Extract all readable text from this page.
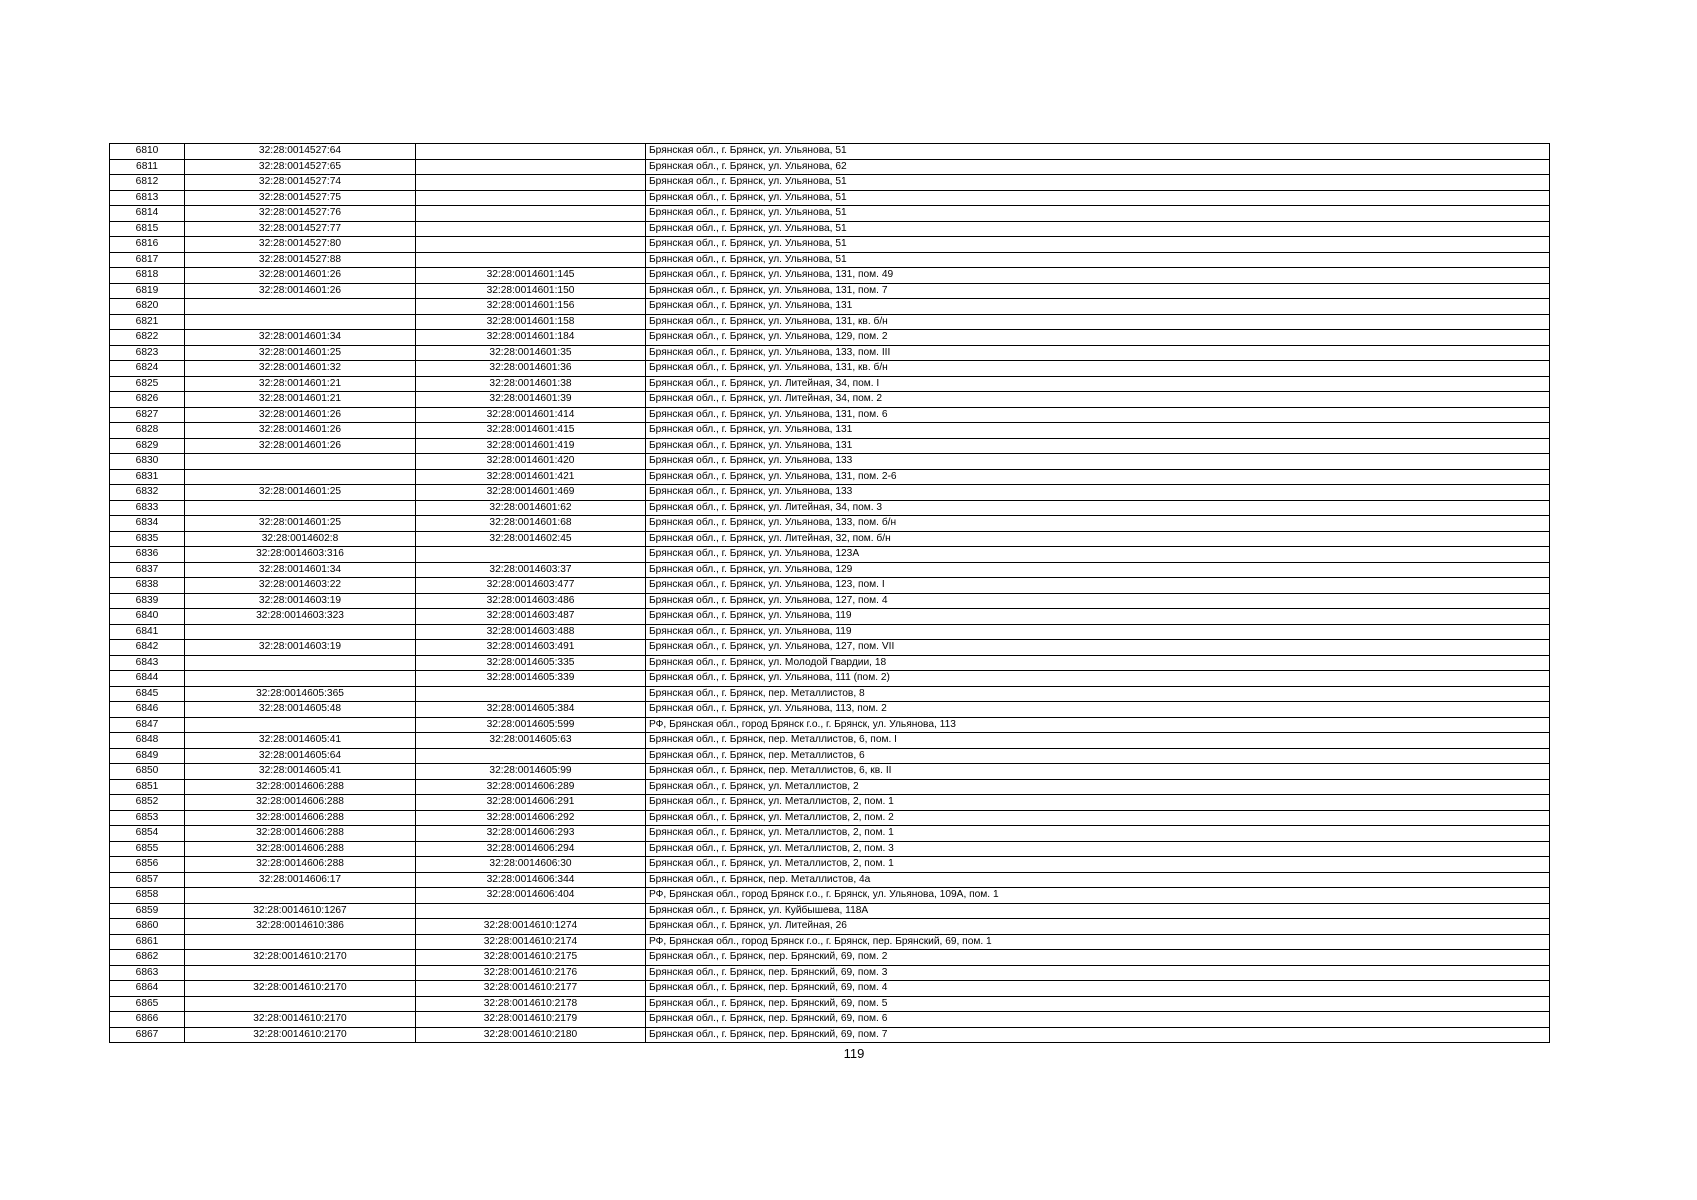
6810	32:28:0014527:64		Брянская обл., г. Брянск, ул. Ульянова, 51
6811	32:28:0014527:65		Брянская обл., г. Брянск, ул. Ульянова, 62
6812	32:28:0014527:74		Брянская обл., г. Брянск, ул. Ульянова, 51
6813	32:28:0014527:75		Брянская обл., г. Брянск, ул. Ульянова, 51
6814	32:28:0014527:76		Брянская обл., г. Брянск, ул. Ульянова, 51
6815	32:28:0014527:77		Брянская обл., г. Брянск, ул. Ульянова, 51
6816	32:28:0014527:80		Брянская обл., г. Брянск, ул. Ульянова, 51
6817	32:28:0014527:88		Брянская обл., г. Брянск, ул. Ульянова, 51
6818	32:28:0014601:26	32:28:0014601:145	Брянская обл., г. Брянск, ул. Ульянова, 131, пом. 49
6819	32:28:0014601:26	32:28:0014601:150	Брянская обл., г. Брянск, ул. Ульянова, 131, пом. 7
6820		32:28:0014601:156	Брянская обл., г. Брянск, ул. Ульянова, 131
6821		32:28:0014601:158	Брянская обл., г. Брянск, ул. Ульянова, 131, кв. б/н
6822	32:28:0014601:34	32:28:0014601:184	Брянская обл., г. Брянск, ул. Ульянова, 129, пом. 2
6823	32:28:0014601:25	32:28:0014601:35	Брянская обл., г. Брянск, ул. Ульянова, 133, пом. III
6824	32:28:0014601:32	32:28:0014601:36	Брянская обл., г. Брянск, ул. Ульянова, 131, кв. б/н
6825	32:28:0014601:21	32:28:0014601:38	Брянская обл., г. Брянск, ул. Литейная, 34, пом. I
6826	32:28:0014601:21	32:28:0014601:39	Брянская обл., г. Брянск, ул. Литейная, 34, пом. 2
6827	32:28:0014601:26	32:28:0014601:414	Брянская обл., г. Брянск, ул. Ульянова, 131, пом. 6
6828	32:28:0014601:26	32:28:0014601:415	Брянская обл., г. Брянск, ул. Ульянова, 131
6829	32:28:0014601:26	32:28:0014601:419	Брянская обл., г. Брянск, ул. Ульянова, 131
6830		32:28:0014601:420	Брянская обл., г. Брянск, ул. Ульянова, 133
6831		32:28:0014601:421	Брянская обл., г. Брянск, ул. Ульянова, 131, пом. 2-6
6832	32:28:0014601:25	32:28:0014601:469	Брянская обл., г. Брянск, ул. Ульянова, 133
6833		32:28:0014601:62	Брянская обл., г. Брянск, ул. Литейная, 34, пом. 3
6834	32:28:0014601:25	32:28:0014601:68	Брянская обл., г. Брянск, ул. Ульянова, 133, пом. б/н
6835	32:28:0014602:8	32:28:0014602:45	Брянская обл., г. Брянск, ул. Литейная, 32, пом. б/н
6836	32:28:0014603:316		Брянская обл., г. Брянск, ул. Ульянова, 123А
6837	32:28:0014601:34	32:28:0014603:37	Брянская обл., г. Брянск, ул. Ульянова, 129
6838	32:28:0014603:22	32:28:0014603:477	Брянская обл., г. Брянск, ул. Ульянова, 123, пом. I
6839	32:28:0014603:19	32:28:0014603:486	Брянская обл., г. Брянск, ул. Ульянова, 127, пом. 4
6840	32:28:0014603:323	32:28:0014603:487	Брянская обл., г. Брянск, ул. Ульянова, 119
6841		32:28:0014603:488	Брянская обл., г. Брянск, ул. Ульянова, 119
6842	32:28:0014603:19	32:28:0014603:491	Брянская обл., г. Брянск, ул. Ульянова, 127, пом. VII
6843		32:28:0014605:335	Брянская обл., г. Брянск, ул. Молодой Гвардии, 18
6844		32:28:0014605:339	Брянская обл., г. Брянск, ул. Ульянова, 111 (пом. 2)
6845	32:28:0014605:365		Брянская обл., г. Брянск, пер. Металлистов, 8
6846	32:28:0014605:48	32:28:0014605:384	Брянская обл., г. Брянск, ул. Ульянова, 113, пом. 2
6847		32:28:0014605:599	РФ, Брянская обл., город Брянск г.о., г. Брянск, ул. Ульянова, 113
6848	32:28:0014605:41	32:28:0014605:63	Брянская обл., г. Брянск, пер. Металлистов, 6, пом. I
6849	32:28:0014605:64		Брянская обл., г. Брянск, пер. Металлистов, 6
6850	32:28:0014605:41	32:28:0014605:99	Брянская обл., г. Брянск, пер. Металлистов, 6, кв. II
6851	32:28:0014606:288	32:28:0014606:289	Брянская обл., г. Брянск, ул. Металлистов, 2
6852	32:28:0014606:288	32:28:0014606:291	Брянская обл., г. Брянск, ул. Металлистов, 2, пом. 1
6853	32:28:0014606:288	32:28:0014606:292	Брянская обл., г. Брянск, ул. Металлистов, 2, пом. 2
6854	32:28:0014606:288	32:28:0014606:293	Брянская обл., г. Брянск, ул. Металлистов, 2, пом. 1
6855	32:28:0014606:288	32:28:0014606:294	Брянская обл., г. Брянск, ул. Металлистов, 2, пом. 3
6856	32:28:0014606:288	32:28:0014606:30	Брянская обл., г. Брянск, ул. Металлистов, 2, пом. 1
6857	32:28:0014606:17	32:28:0014606:344	Брянская обл., г. Брянск, пер. Металлистов, 4а
6858		32:28:0014606:404	РФ, Брянская обл., город Брянск г.о., г. Брянск, ул. Ульянова, 109А, пом. 1
6859	32:28:0014610:1267		Брянская обл., г. Брянск, ул. Куйбышева, 118А
6860	32:28:0014610:386	32:28:0014610:1274	Брянская обл., г. Брянск, ул. Литейная, 26
6861		32:28:0014610:2174	РФ, Брянская обл., город Брянск г.о., г. Брянск, пер. Брянский, 69, пом. 1
6862	32:28:0014610:2170	32:28:0014610:2175	Брянская обл., г. Брянск, пер. Брянский, 69, пом. 2
6863		32:28:0014610:2176	Брянская обл., г. Брянск, пер. Брянский, 69, пом. 3
6864	32:28:0014610:2170	32:28:0014610:2177	Брянская обл., г. Брянск, пер. Брянский, 69, пом. 4
6865		32:28:0014610:2178	Брянская обл., г. Брянск, пер. Брянский, 69, пом. 5
6866	32:28:0014610:2170	32:28:0014610:2179	Брянская обл., г. Брянск, пер. Брянский, 69, пом. 6
6867	32:28:0014610:2170	32:28:0014610:2180	Брянская обл., г. Брянск, пер. Брянский, 69, пом. 7
119
